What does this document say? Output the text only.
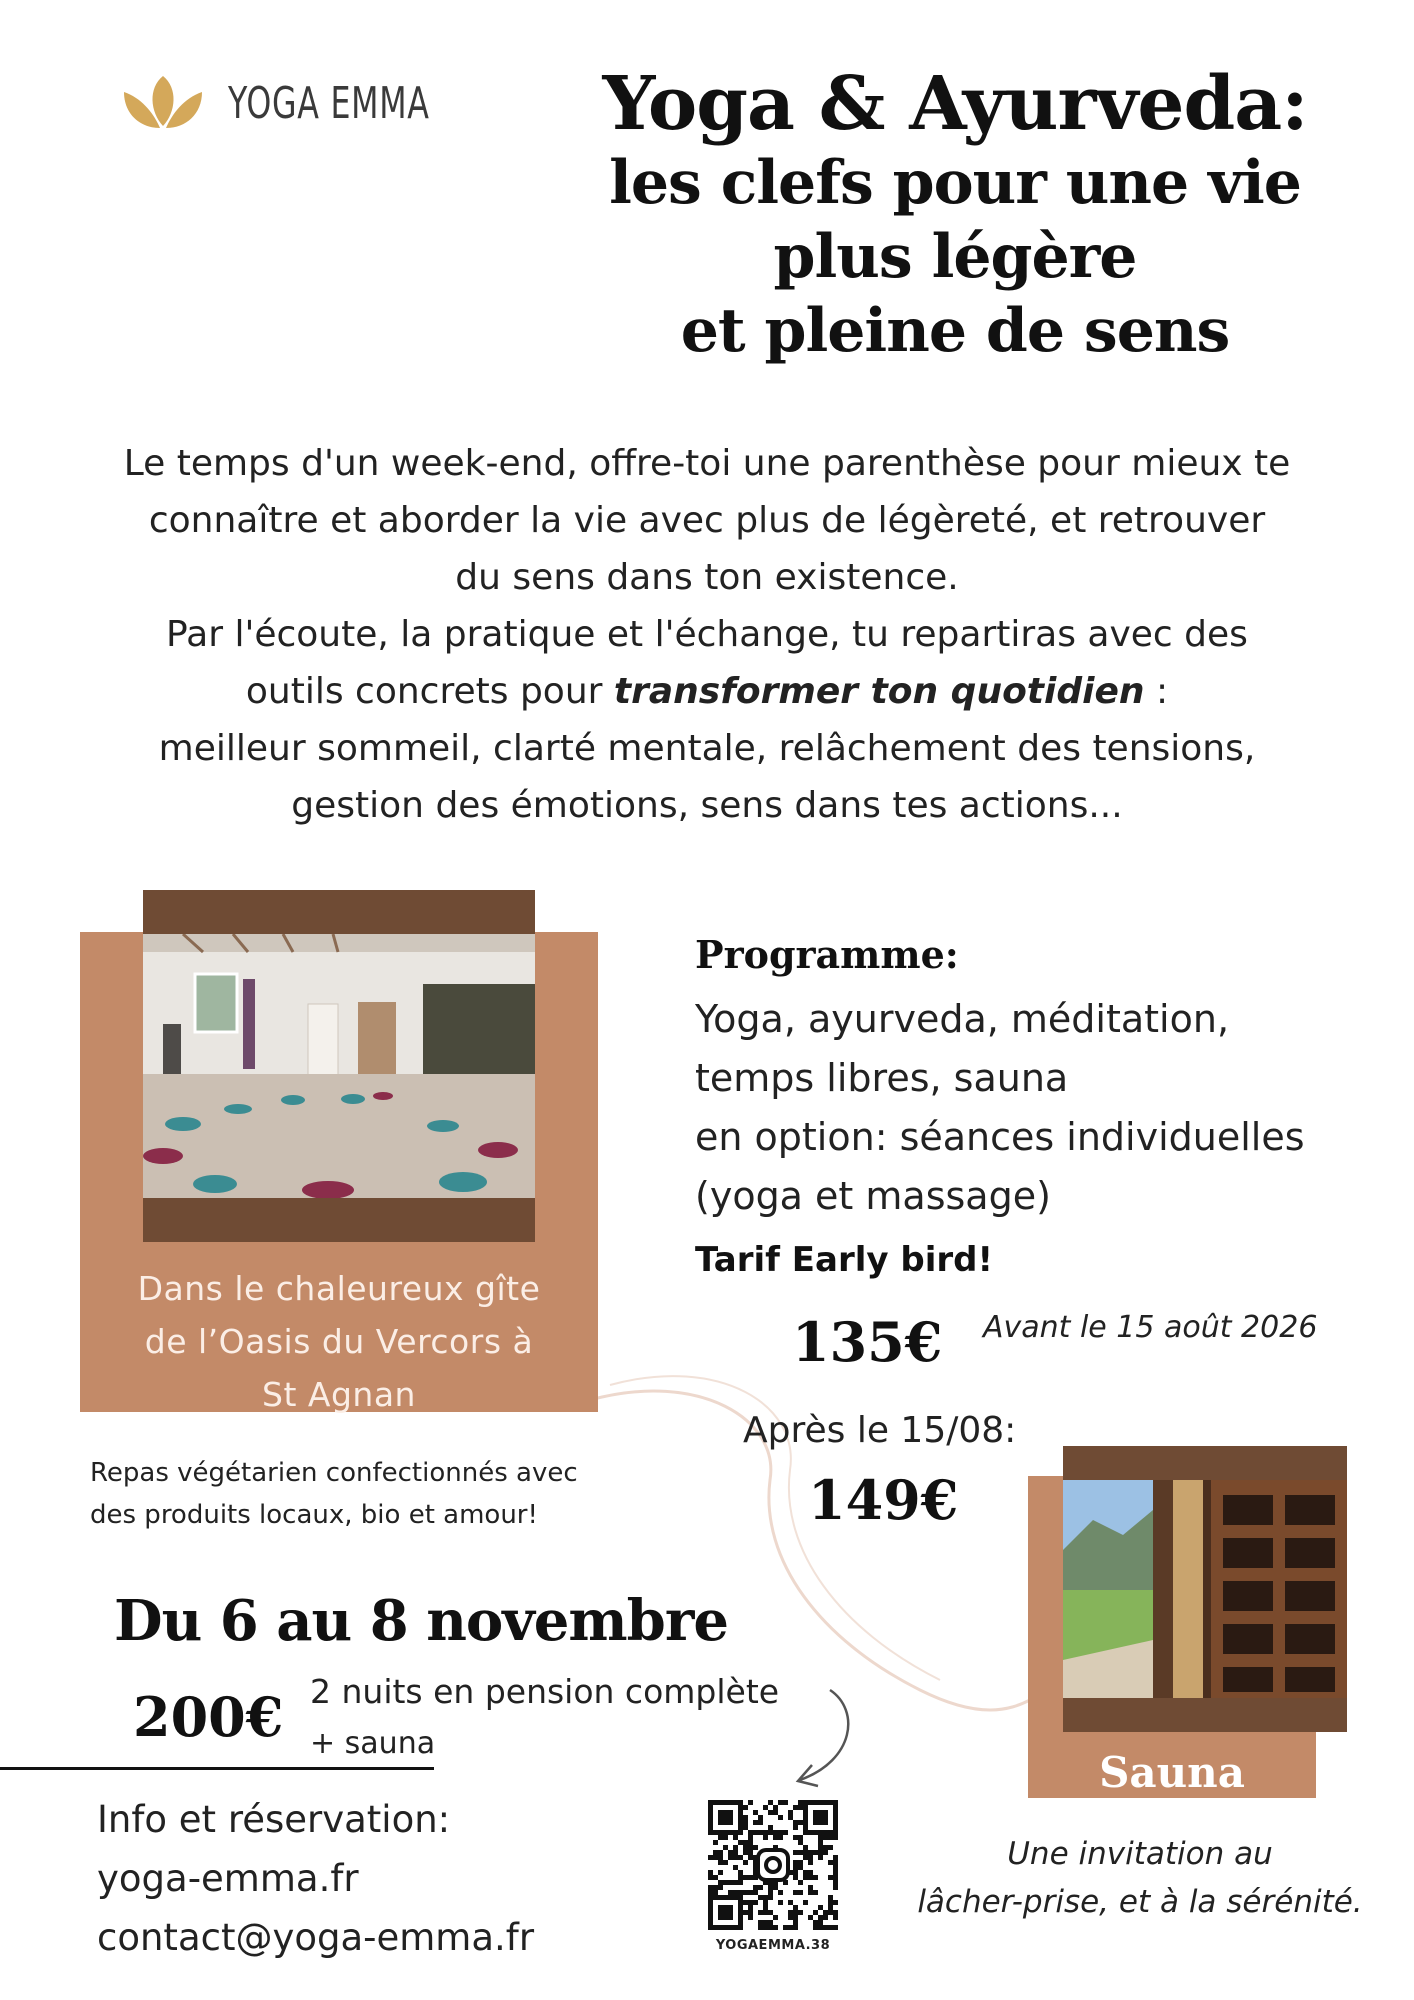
YOGA EMMA	Yoga & Ayurveda:
les clefs pour une vie
plus légère
et pleine de sens

Le temps d'un week-end, offre-toi une parenthèse pour mieux te

connaître et aborder la vie avec plus de légèreté, et retrouver

du sens dans ton existence.

Par l'écoute, la pratique et l'échange, tu repartiras avec des

outils concrets pour transformer ton quotidien :

meilleur sommeil, clarté mentale, relâchement des tensions,

gestion des émotions, sens dans tes actions...

Dans le chaleureux gîte
de l’Oasis du Vercors à
St Agnan
Repas végétarien confectionnés avec
des produits locaux, bio et amour!
Programme:
Yoga, ayurveda, méditation,
temps libres, sauna
en option: séances individuelles
(yoga et massage)
Tarif Early bird!
135€ Avant le 15 août 2026
Après le 15/08:
149€
Sauna
Une invitation au
lâcher-prise, et à la sérénité.
Du 6 au 8 novembre
200€ 2 nuits en pension complète
+ sauna
Info et réservation:
yoga-emma.fr
contact@yoga-emma.fr	YOGAEMMA.38
